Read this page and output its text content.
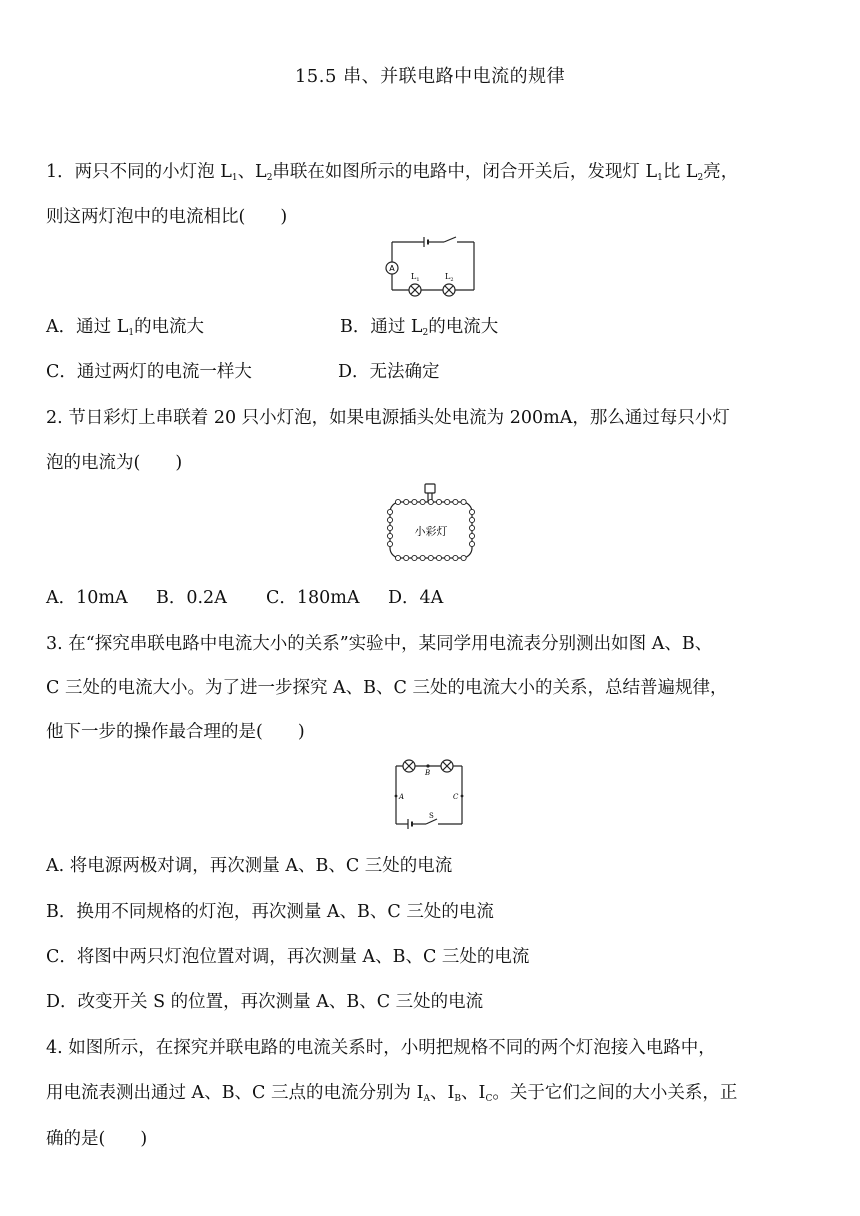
15.5 串、并联电路中电流的规律
1．两只不同的小灯泡 $L_1$、$L_2$串联在如图所示的电路中，闭合开关后，发现灯 $L_1$比 $L_2$亮，
则这两灯泡中的电流相比(　　)
A
$L_1$	$L_2$
A．通过 $L_1$的电流大	B．通过 $L_2$的电流大
C．通过两灯的电流一样大	D．无法确定
2. 节日彩灯上串联着 20 只小灯泡，如果电源插头处电流为 200mA，那么通过每只小灯
泡的电流为(　　)
小彩灯
A．10mA B．0.2A C．180mA D．4A
3. 在“探究串联电路中电流大小的关系”实验中，某同学用电流表分别测出如图 A、B、
C 三处的电流大小。为了进一步探究 A、B、C 三处的电流大小的关系，总结普遍规律，
他下一步的操作最合理的是(　　)
B
A	C
S
A. 将电源两极对调，再次测量 A、B、C 三处的电流
B．换用不同规格的灯泡，再次测量 A、B、C 三处的电流
C．将图中两只灯泡位置对调，再次测量 A、B、C 三处的电流
D．改变开关 S 的位置，再次测量 A、B、C 三处的电流
4. 如图所示，在探究并联电路的电流关系时，小明把规格不同的两个灯泡接入电路中，
用电流表测出通过 A、B、C 三点的电流分别为 $I_A$、$I_B$、$I_C$。关于它们之间的大小关系，正
确的是(　　)
